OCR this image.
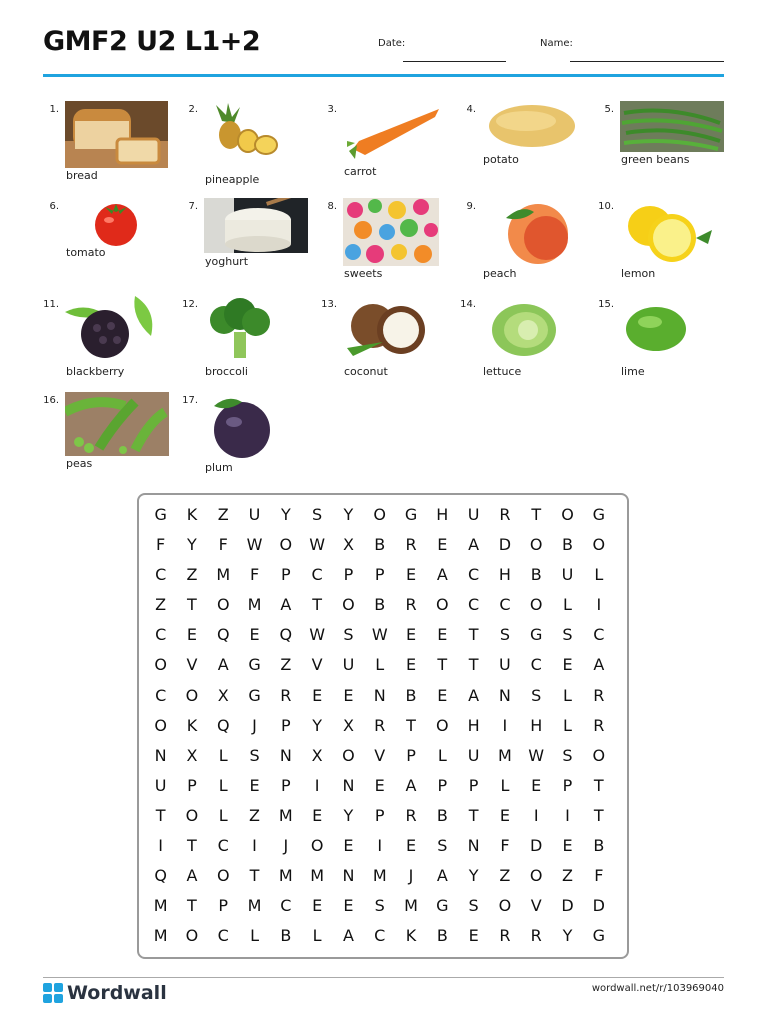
GMF2 U2 L1+2	Date:	Name:
1.
bread
2.
pineapple
3.
carrot
4.
potato
5.
green beans
6.
tomato
7.
yoghurt
8.
sweets
9.
peach
10.
lemon
11.
blackberry
12.
broccoli
13.
coconut
14.
lettuce
15.
lime
16.
peas
17.
plum
G	K	Z	U	Y	S	Y	O	G	H	U	R	T	O	G
F	Y	F	W	O	W	X	B	R	E	A	D	O	B	O
C	Z	M	F	P	C	P	P	E	A	C	H	B	U	L
Z	T	O	M	A	T	O	B	R	O	C	C	O	L	I
C	E	Q	E	Q	W	S	W	E	E	T	S	G	S	C
O	V	A	G	Z	V	U	L	E	T	T	U	C	E	A
C	O	X	G	R	E	E	N	B	E	A	N	S	L	R
O	K	Q	J	P	Y	X	R	T	O	H	I	H	L	R
N	X	L	S	N	X	O	V	P	L	U	M	W	S	O
U	P	L	E	P	I	N	E	A	P	P	L	E	P	T
T	O	L	Z	M	E	Y	P	R	B	T	E	I	I	T
I	T	C	I	J	O	E	I	E	S	N	F	D	E	B
Q	A	O	T	M	M	N	M	J	A	Y	Z	O	Z	F
M	T	P	M	C	E	E	S	M	G	S	O	V	D	D
M	O	C	L	B	L	A	C	K	B	E	R	R	Y	G
Wordwall	wordwall.net/r/103969040
